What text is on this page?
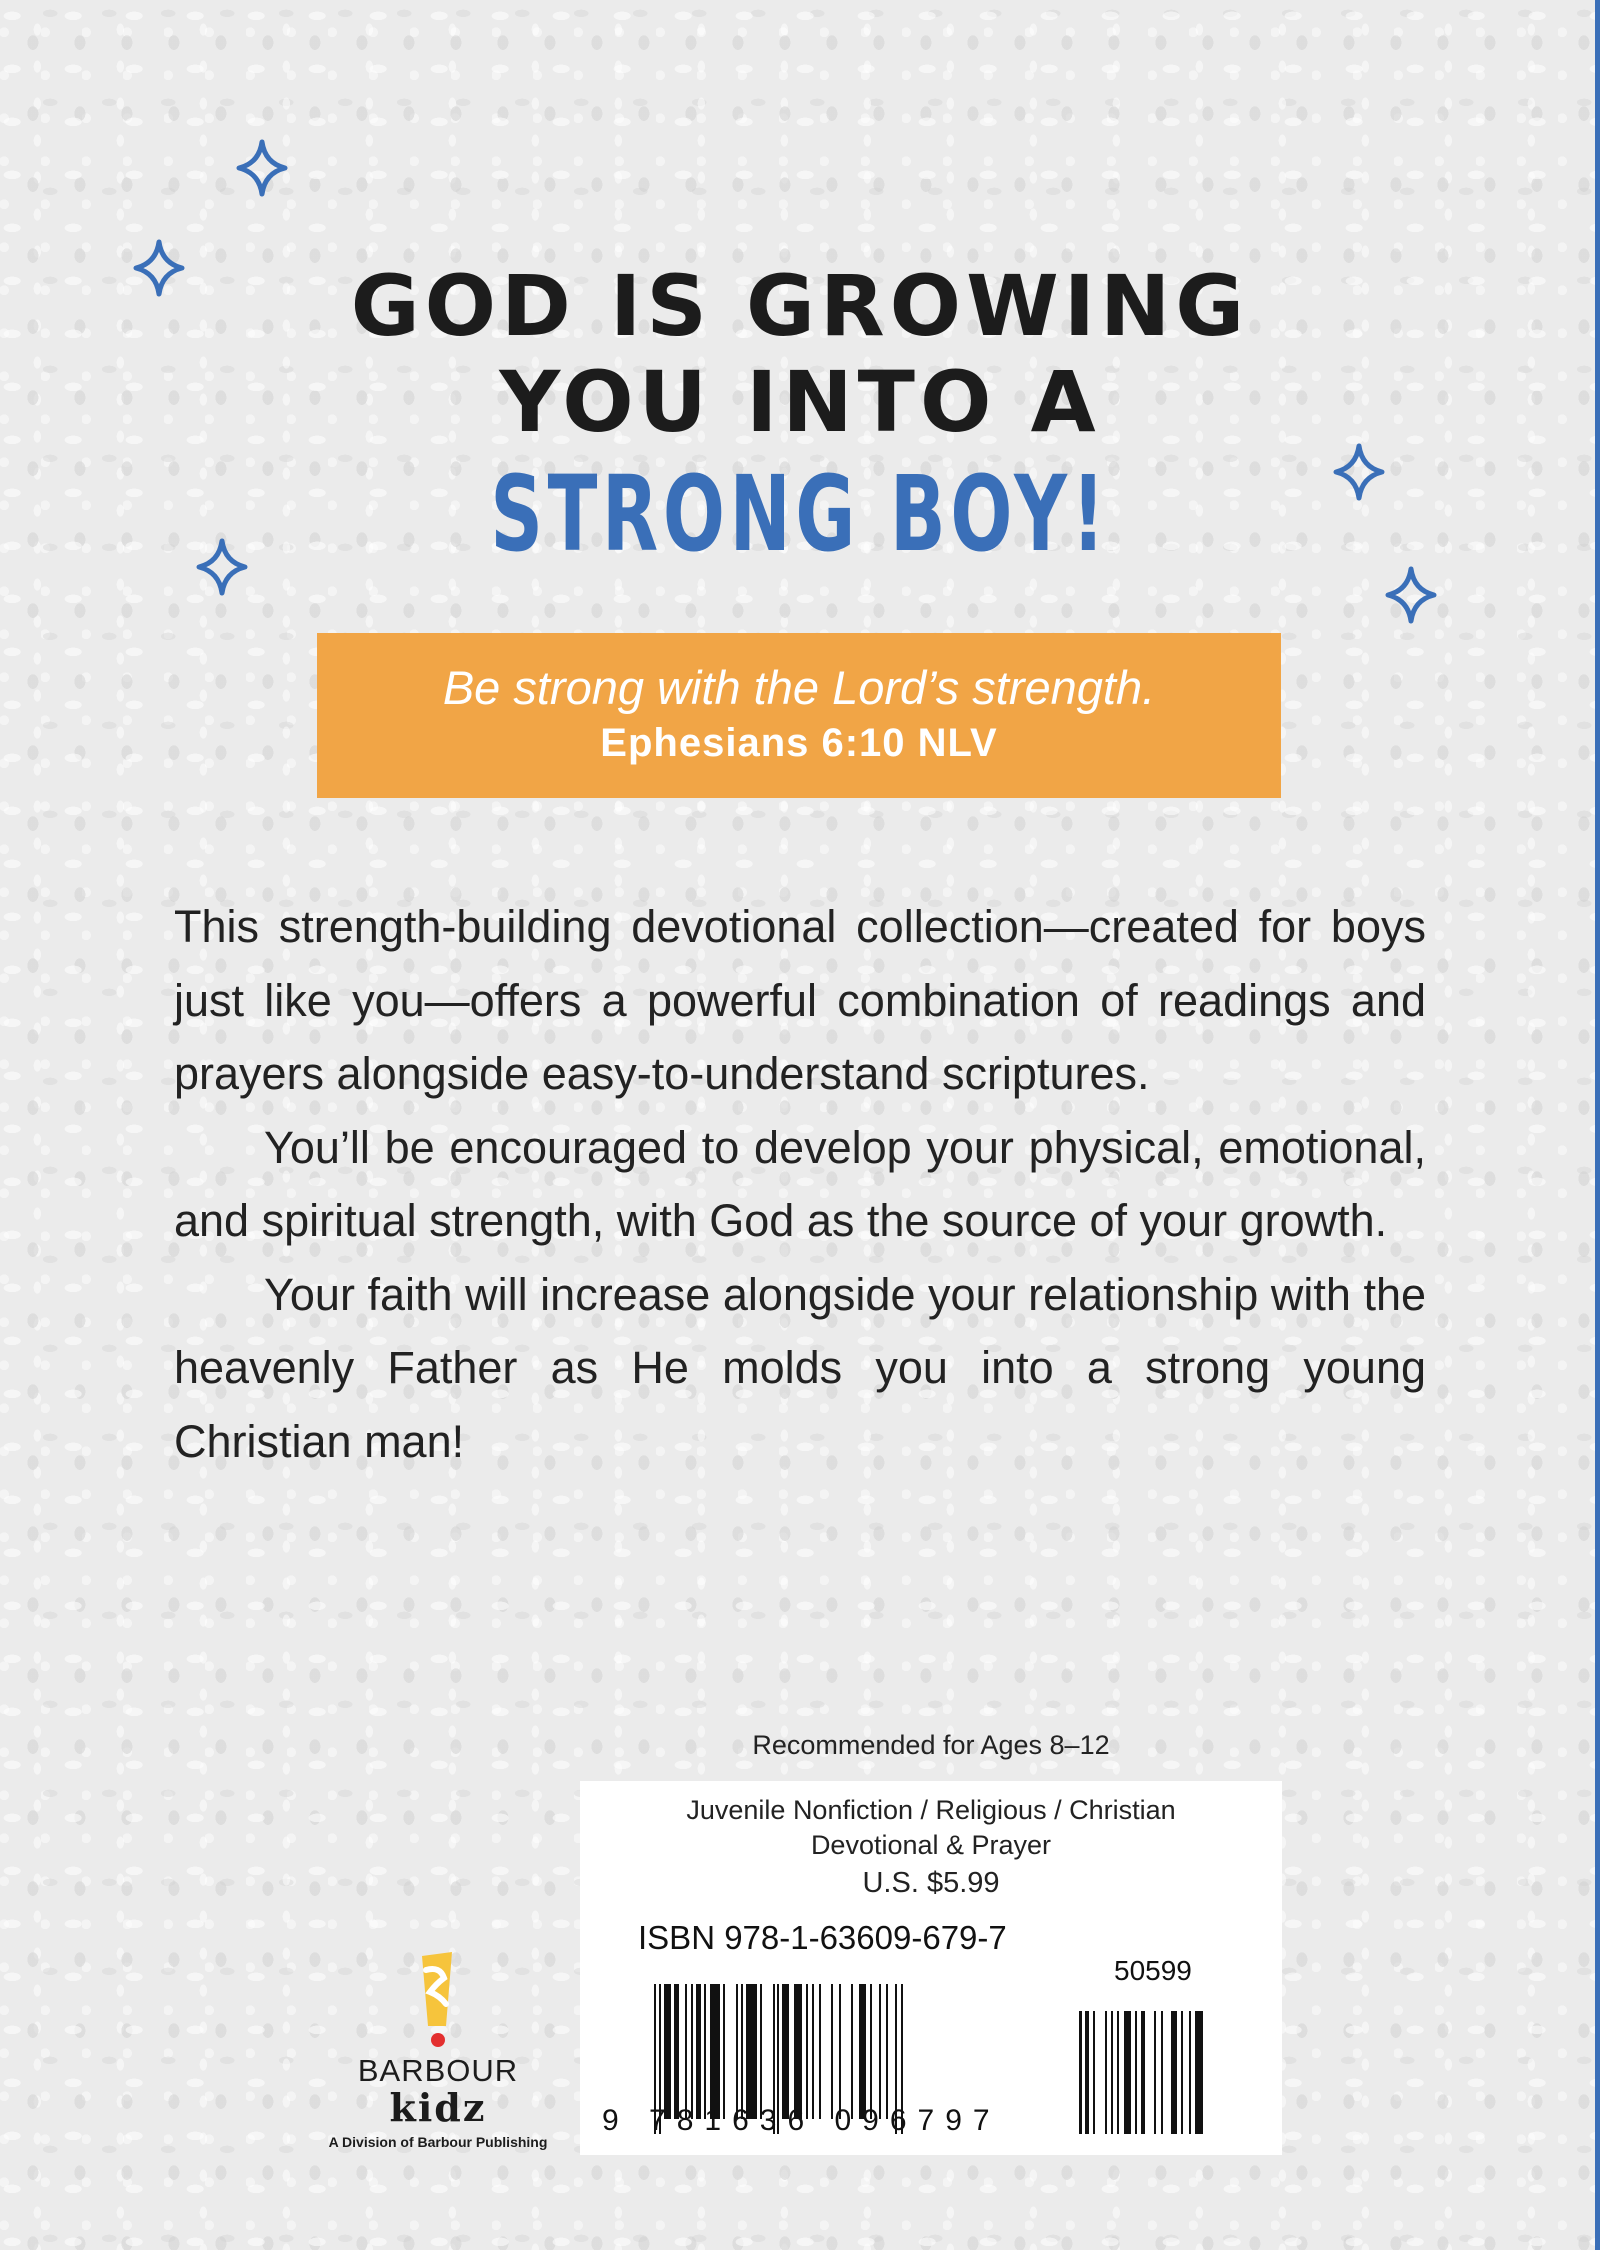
GOD IS GROWING
YOU INTO A
STRONG BOY!
Be strong with the Lord’s strength.
Ephesians 6:10 NLV

This strength-building devotional collection—created for boys just like you—offers a powerful combination of readings and prayers alongside easy-to-understand scriptures.

You’ll be encouraged to develop your physical, emotional, and spiritual strength, with God as the source of your growth.

Your faith will increase alongside your relationship with the heavenly Father as He molds you into a strong young Christian man!

Recommended for Ages 8–12
Juvenile Nonfiction / Religious / Christian
Devotional & Prayer
U.S. $5.99
ISBN 978-1-63609-679-7
9 781636 096797
50599
BARBOUR
kidz
A Division of Barbour Publishing
